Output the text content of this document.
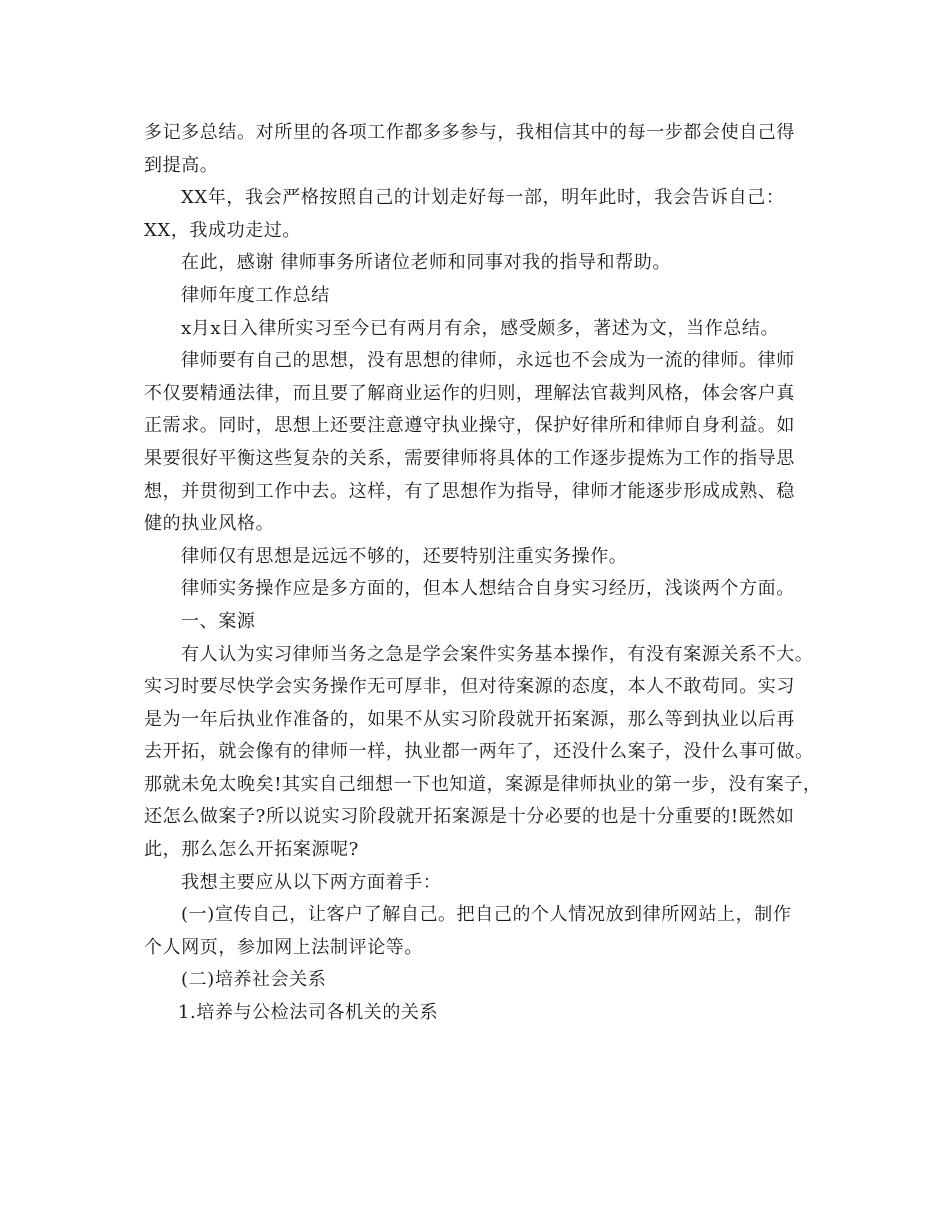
多记多总结。对所里的各项工作都多多参与，我相信其中的每一步都会使自己得

到提高。

XX年，我会严格按照自己的计划走好每一部，明年此时，我会告诉自己：

XX，我成功走过。

在此，感谢 律师事务所诸位老师和同事对我的指导和帮助。

律师年度工作总结

x月x日入律所实习至今已有两月有余，感受颇多，著述为文，当作总结。

律师要有自己的思想，没有思想的律师，永远也不会成为一流的律师。律师

不仅要精通法律，而且要了解商业运作的归则，理解法官裁判风格，体会客户真

正需求。同时，思想上还要注意遵守执业操守，保护好律所和律师自身利益。如

果要很好平衡这些复杂的关系，需要律师将具体的工作逐步提炼为工作的指导思

想，并贯彻到工作中去。这样，有了思想作为指导，律师才能逐步形成成熟、稳

健的执业风格。

律师仅有思想是远远不够的，还要特别注重实务操作。

律师实务操作应是多方面的，但本人想结合自身实习经历，浅谈两个方面。

一、案源

有人认为实习律师当务之急是学会案件实务基本操作，有没有案源关系不大。

实习时要尽快学会实务操作无可厚非，但对待案源的态度，本人不敢苟同。实习

是为一年后执业作准备的，如果不从实习阶段就开拓案源，那么等到执业以后再

去开拓，就会像有的律师一样，执业都一两年了，还没什么案子，没什么事可做。

那就未免太晚矣!其实自己细想一下也知道，案源是律师执业的第一步，没有案子，

还怎么做案子?所以说实习阶段就开拓案源是十分必要的也是十分重要的!既然如

此，那么怎么开拓案源呢?

我想主要应从以下两方面着手：

(一)宣传自己，让客户了解自己。把自己的个人情况放到律所网站上，制作

个人网页，参加网上法制评论等。

(二)培养社会关系

1.培养与公检法司各机关的关系
